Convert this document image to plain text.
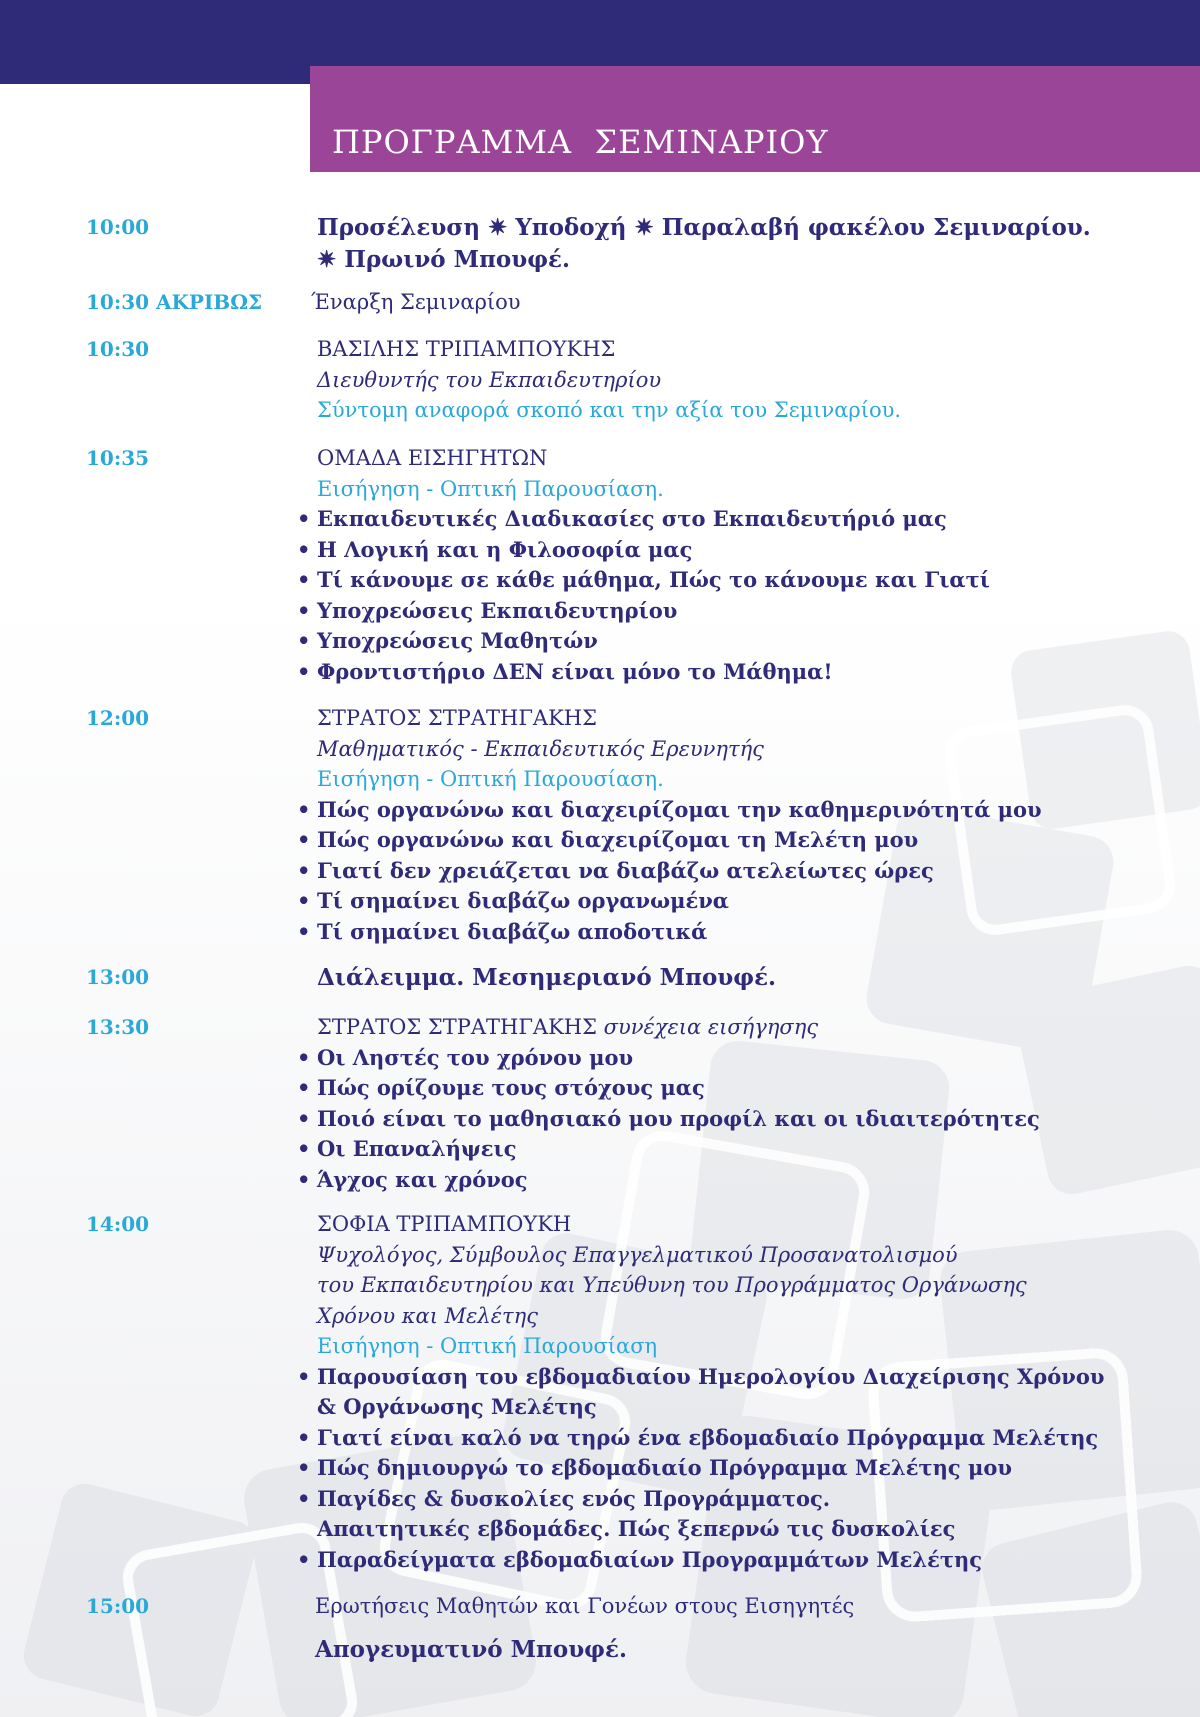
ΠΡΟΓΡΑΜΜΑ  ΣΕΜΙΝΑΡΙΟΥ
10:00	Προσέλευση ✷ Υποδοχή ✷ Παραλαβή φακέλου Σεμιναρίου.
✷ Πρωινό Μπουφέ.
10:30 ΑΚΡΙΒΩΣ Έναρξη Σεμιναρίου
10:30	ΒΑΣΙΛΗΣ ΤΡΙΠΑΜΠΟΥΚΗΣ
Διευθυντής του Εκπαιδευτηρίου
Σύντομη αναφορά σκοπό και την αξία του Σεμιναρίου.
10:35	ΟΜΑΔΑ ΕΙΣΗΓΗΤΩΝ
Εισήγηση - Οπτική Παρουσίαση.
• Εκπαιδευτικές Διαδικασίες στο Εκπαιδευτήριό μας
• Η Λογική και η Φιλοσοφία μας
• Τί κάνουμε σε κάθε μάθημα, Πώς το κάνουμε και Γιατί
• Υποχρεώσεις Εκπαιδευτηρίου
• Υποχρεώσεις Μαθητών
• Φροντιστήριο ΔΕΝ είναι μόνο το Μάθημα!
12:00	ΣΤΡΑΤΟΣ ΣΤΡΑΤΗΓΑΚΗΣ
Μαθηματικός - Εκπαιδευτικός Ερευνητής
Εισήγηση - Οπτική Παρουσίαση.
• Πώς οργανώνω και διαχειρίζομαι την καθημερινότητά μου
• Πώς οργανώνω και διαχειρίζομαι τη Μελέτη μου
• Γιατί δεν χρειάζεται να διαβάζω ατελείωτες ώρες
• Τί σημαίνει διαβάζω οργανωμένα
• Τί σημαίνει διαβάζω αποδοτικά
13:00	Διάλειμμα. Μεσημεριανό Μπουφέ.
13:30	ΣΤΡΑΤΟΣ ΣΤΡΑΤΗΓΑΚΗΣ συνέχεια εισήγησης
• Οι Ληστές του χρόνου μου
• Πώς ορίζουμε τους στόχους μας
• Ποιό είναι το μαθησιακό μου προφίλ και οι ιδιαιτερότητες
• Οι Επαναλήψεις
• Άγχος και χρόνος
14:00	ΣΟΦΙΑ ΤΡΙΠΑΜΠΟΥΚΗ
Ψυχολόγος, Σύμβουλος Επαγγελματικού Προσανατολισμού
του Εκπαιδευτηρίου και Υπεύθυνη του Προγράμματος Οργάνωσης
Χρόνου και Μελέτης
Εισήγηση - Οπτική Παρουσίαση
• Παρουσίαση του εβδομαδιαίου Ημερολογίου Διαχείρισης Χρόνου
& Οργάνωσης Μελέτης
• Γιατί είναι καλό να τηρώ ένα εβδομαδιαίο Πρόγραμμα Μελέτης
• Πώς δημιουργώ το εβδομαδιαίο Πρόγραμμα Μελέτης μου
• Παγίδες & δυσκολίες ενός Προγράμματος.
Απαιτητικές εβδομάδες. Πώς ξεπερνώ τις δυσκολίες
• Παραδείγματα εβδομαδιαίων Προγραμμάτων Μελέτης
15:00	Ερωτήσεις Μαθητών και Γονέων στους Εισηγητές
Απογευματινό Μπουφέ.
